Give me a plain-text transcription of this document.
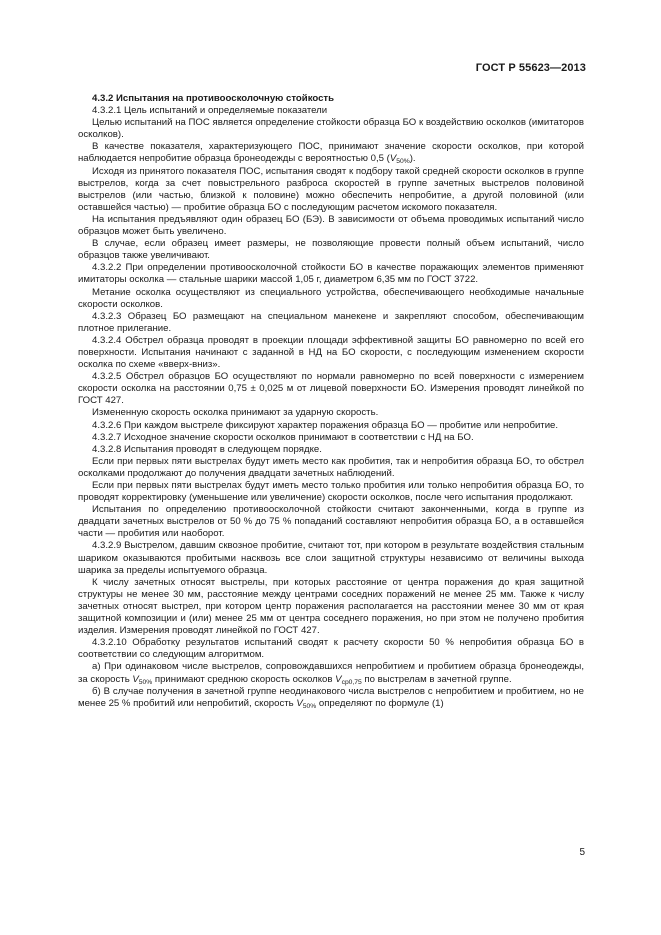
ГОСТ Р 55623—2013

4.3.2 Испытания на противоосколочную стойкость

4.3.2.1 Цель испытаний и определяемые показатели

Целью испытаний на ПОС является определение стойкости образца БО к воздействию осколков (имитаторов осколков).

В качестве показателя, характеризующего ПОС, принимают значение скорости осколков, при которой наблюдается непробитие образца бронеодежды с вероятностью 0,5 $(V_{50\%})$.

Исходя из принятого показателя ПОС, испытания сводят к подбору такой средней скорости осколков в группе выстрелов, когда за счет повыстрельного разброса скоростей в группе зачетных выстрелов половиной выстрелов (или частью, близкой к половине) можно обеспечить непробитие, а другой половиной (или оставшейся частью) — пробитие образца БО с последующим расчетом искомого показателя.

На испытания предъявляют один образец БО (БЭ). В зависимости от объема проводимых испытаний число образцов может быть увеличено.

В случае, если образец имеет размеры, не позволяющие провести полный объем испытаний, число образцов также увеличивают.

4.3.2.2 При определении противоосколочной стойкости БО в качестве поражающих элементов применяют имитаторы осколка — стальные шарики массой 1,05 г, диаметром 6,35 мм по ГОСТ 3722.

Метание осколка осуществляют из специального устройства, обеспечивающего необходимые начальные скорости осколков.

4.3.2.3 Образец БО размещают на специальном манекене и закрепляют способом, обеспечивающим плотное прилегание.

4.3.2.4 Обстрел образца проводят в проекции площади эффективной защиты БО равномерно по всей его поверхности. Испытания начинают с заданной в НД на БО скорости, с последующим изменением скорости осколка по схеме «вверх-вниз».

4.3.2.5 Обстрел образцов БО осуществляют по нормали равномерно по всей поверхности с измерением скорости осколка на расстоянии 0,75 ± 0,025 м от лицевой поверхности БО. Измерения проводят линейкой по ГОСТ 427.

Измененную скорость осколка принимают за ударную скорость.

4.3.2.6 При каждом выстреле фиксируют характер поражения образца БО — пробитие или непробитие.

4.3.2.7 Исходное значение скорости осколков принимают в соответствии с НД на БО.

4.3.2.8 Испытания проводят в следующем порядке.

Если при первых пяти выстрелах будут иметь место как пробития, так и непробития образца БО, то обстрел осколками продолжают до получения двадцати зачетных наблюдений.

Если при первых пяти выстрелах будут иметь место только пробития или только непробития образца БО, то проводят корректировку (уменьшение или увеличение) скорости осколков, после чего испытания продолжают.

Испытания по определению противоосколочной стойкости считают законченными, когда в группе из двадцати зачетных выстрелов от 50 % до 75 % попаданий составляют непробития образца БО, а в оставшейся части — пробития или наоборот.

4.3.2.9 Выстрелом, давшим сквозное пробитие, считают тот, при котором в результате воздействия стальным шариком оказываются пробитыми насквозь все слои защитной структуры независимо от величины выхода шарика за пределы испытуемого образца.

К числу зачетных относят выстрелы, при которых расстояние от центра поражения до края защитной структуры не менее 30 мм, расстояние между центрами соседних поражений не менее 25 мм. Также к числу зачетных относят выстрел, при котором центр поражения располагается на расстоянии менее 30 мм от края защитной композиции и (или) менее 25 мм от центра соседнего поражения, но при этом не получено пробития изделия. Измерения проводят линейкой по ГОСТ 427.

4.3.2.10 Обработку результатов испытаний сводят к расчету скорости 50 % непробития образца БО в соответствии со следующим алгоритмом.

а) При одинаковом числе выстрелов, сопровождавшихся непробитием и пробитием образца бронеодежды, за скорость $V_{50\%}$ принимают среднюю скорость осколков $V_{ср0,75}$ по выстрелам в зачетной группе.

б) В случае получения в зачетной группе неодинакового числа выстрелов с непробитием и пробитием, но не менее 25 % пробитий или непробитий, скорость $V_{50\%}$ определяют по формуле (1)

5
